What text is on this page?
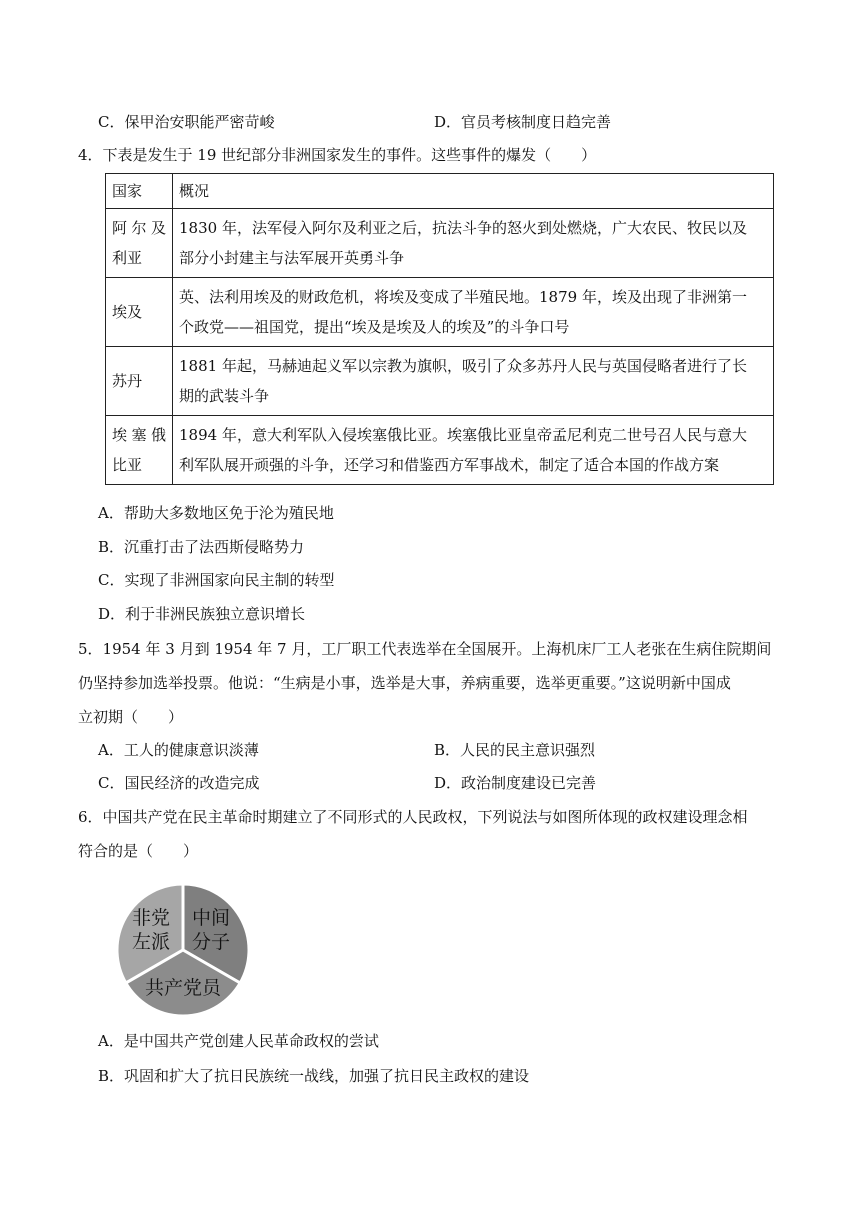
C．保甲治安职能严密苛峻	D．官员考核制度日趋完善
4．下表是发生于 19 世纪部分非洲国家发生的事件。这些事件的爆发（　　）
国家	概况
阿尔及

利亚	1830 年，法军侵入阿尔及利亚之后，抗法斗争的怒火到处燃烧，广大农民、牧民以及
部分小封建主与法军展开英勇斗争
埃及	英、法利用埃及的财政危机，将埃及变成了半殖民地。1879 年，埃及出现了非洲第一
个政党——祖国党，提出“埃及是埃及人的埃及”的斗争口号
苏丹	1881 年起，马赫迪起义军以宗教为旗帜，吸引了众多苏丹人民与英国侵略者进行了长
期的武装斗争
埃塞俄

比亚	1894 年，意大利军队入侵埃塞俄比亚。埃塞俄比亚皇帝孟尼利克二世号召人民与意大
利军队展开顽强的斗争，还学习和借鉴西方军事战术，制定了适合本国的作战方案
A．帮助大多数地区免于沦为殖民地
B．沉重打击了法西斯侵略势力
C．实现了非洲国家向民主制的转型
D．利于非洲民族独立意识增长
5．1954 年 3 月到 1954 年 7 月，工厂职工代表选举在全国展开。上海机床厂工人老张在生病住院期间
仍坚持参加选举投票。他说：“生病是小事，选举是大事，养病重要，选举更重要。”这说明新中国成
立初期（　　）
A．工人的健康意识淡薄	B．人民的民主意识强烈
C．国民经济的改造完成	D．政治制度建设已完善
6．中国共产党在民主革命时期建立了不同形式的人民政权，下列说法与如图所体现的政权建设理念相
符合的是（　　）
非党
左派
中间
分子
共产党员
A．是中国共产党创建人民革命政权的尝试
B．巩固和扩大了抗日民族统一战线，加强了抗日民主政权的建设
